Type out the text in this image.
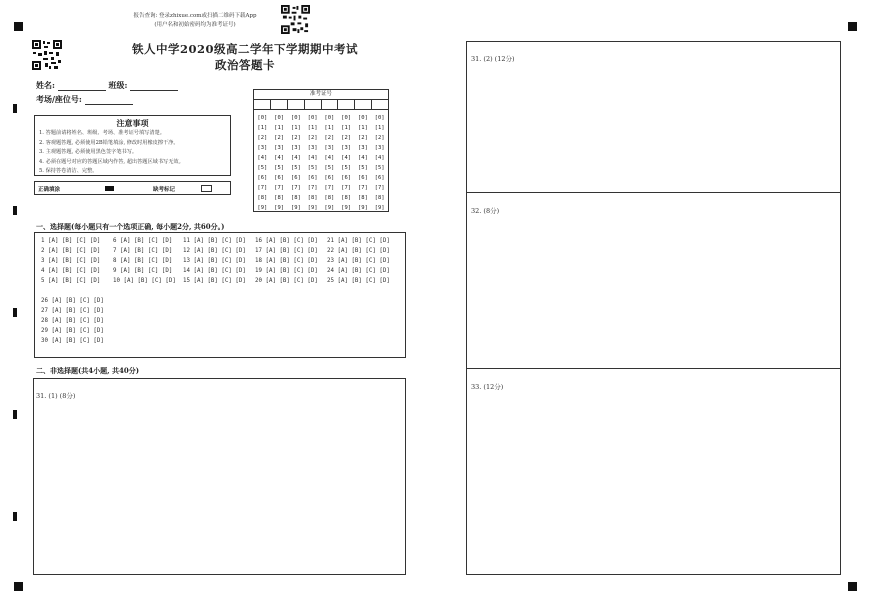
报告查询: 登录zhixue.com或扫描二维码下载App
(用户名和初始密码均为准考证号)
铁人中学2020级高二学年下学期期中考试
政治答题卡
姓名:	班级:
考场/座位号:
注意事项
1. 答题前请将姓名、班级、考场、准考证号填写清楚。
2. 客观题答题, 必须使用2B铅笔填涂, 修改时用橡皮擦干净。
3. 主观题答题, 必须使用黑色签字笔书写。
4. 必须在题号对应的答题区域内作答, 超出答题区域书写无效。
5. 保持答卷清洁、完整。
正确填涂	缺考标记
准考证号
[0]
[1]
[2]
[3]
[4]
[5]
[6]
[7]
[8]
[9]
[0]
[1]
[2]
[3]
[4]
[5]
[6]
[7]
[8]
[9]
[0]
[1]
[2]
[3]
[4]
[5]
[6]
[7]
[8]
[9]
[0]
[1]
[2]
[3]
[4]
[5]
[6]
[7]
[8]
[9]
[0]
[1]
[2]
[3]
[4]
[5]
[6]
[7]
[8]
[9]
[0]
[1]
[2]
[3]
[4]
[5]
[6]
[7]
[8]
[9]
[0]
[1]
[2]
[3]
[4]
[5]
[6]
[7]
[8]
[9]
[0]
[1]
[2]
[3]
[4]
[5]
[6]
[7]
[8]
[9]
一、选择题(每小题只有一个选项正确, 每小题2分, 共60分。)
1 [A] [B] [C] [D]
2 [A] [B] [C] [D]
3 [A] [B] [C] [D]
4 [A] [B] [C] [D]
5 [A] [B] [C] [D]
6 [A] [B] [C] [D]
7 [A] [B] [C] [D]
8 [A] [B] [C] [D]
9 [A] [B] [C] [D]
10 [A] [B] [C] [D]
11 [A] [B] [C] [D]
12 [A] [B] [C] [D]
13 [A] [B] [C] [D]
14 [A] [B] [C] [D]
15 [A] [B] [C] [D]
16 [A] [B] [C] [D]
17 [A] [B] [C] [D]
18 [A] [B] [C] [D]
19 [A] [B] [C] [D]
20 [A] [B] [C] [D]
21 [A] [B] [C] [D]
22 [A] [B] [C] [D]
23 [A] [B] [C] [D]
24 [A] [B] [C] [D]
25 [A] [B] [C] [D]
26 [A] [B] [C] [D]
27 [A] [B] [C] [D]
28 [A] [B] [C] [D]
29 [A] [B] [C] [D]
30 [A] [B] [C] [D]
二、非选择题(共4小题, 共40分)
31. (1) (8分)
31. (2) (12分)
32. (8分)
33. (12分)
